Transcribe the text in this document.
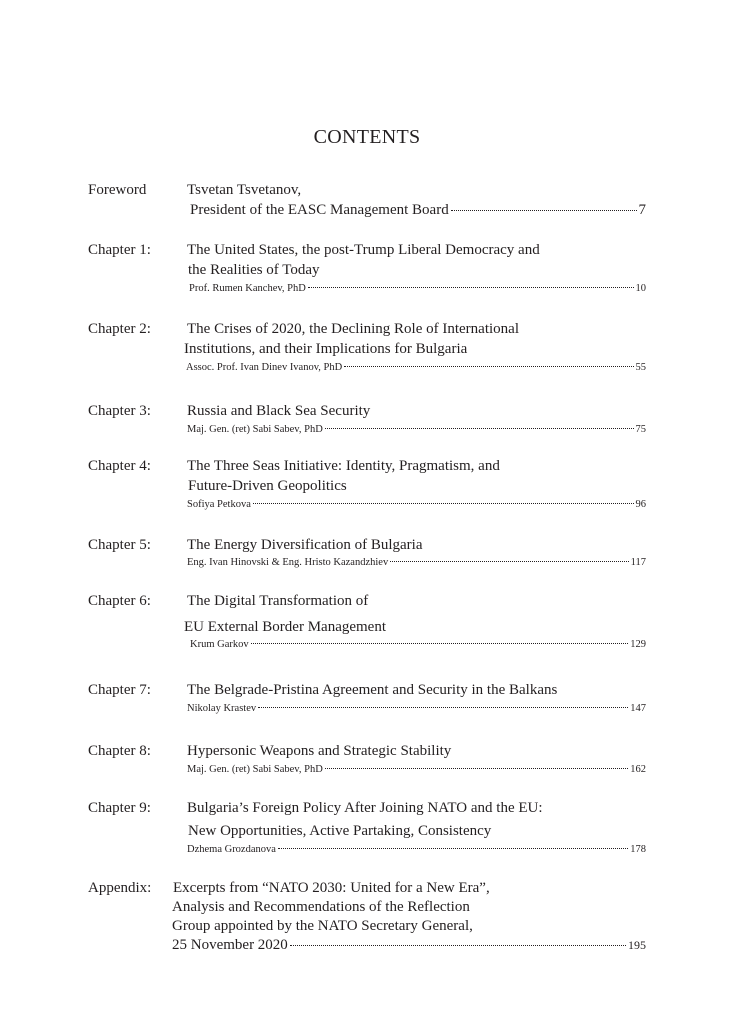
CONTENTS
Foreword	Tsvetan Tsvetanov,
President of the EASC Management Board	7
Chapter 1: The United States, the post-Trump Liberal Democracy and
the Realities of Today
Prof. Rumen Kanchev, PhD	10
Chapter 2: The Crises of 2020, the Declining Role of International
Institutions, and their Implications for Bulgaria
Assoc. Prof. Ivan Dinev Ivanov, PhD	55
Chapter 3: Russia and Black Sea Security
Maj. Gen. (ret) Sabi Sabev, PhD	75
Chapter 4: The Three Seas Initiative: Identity, Pragmatism, and
Future-Driven Geopolitics
Sofiya Petkova	96
Chapter 5: The Energy Diversification of Bulgaria
Eng. Ivan Hinovski & Eng. Hristo Kazandzhiev	117
Chapter 6: The Digital Transformation of
EU External Border Management
Krum Garkov	129
Chapter 7: The Belgrade-Pristina Agreement and Security in the Balkans
Nikolay Krastev	147
Chapter 8: Hypersonic Weapons and Strategic Stability
Maj. Gen. (ret) Sabi Sabev, PhD	162
Chapter 9: Bulgaria’s Foreign Policy After Joining NATO and the EU:
New Opportunities, Active Partaking, Consistency
Dzhema Grozdanova	178
Appendix: Excerpts from “NATO 2030: United for a New Era”,
Analysis and Recommendations of the Reflection
Group appointed by the NATO Secretary General,
25 November 2020	195
